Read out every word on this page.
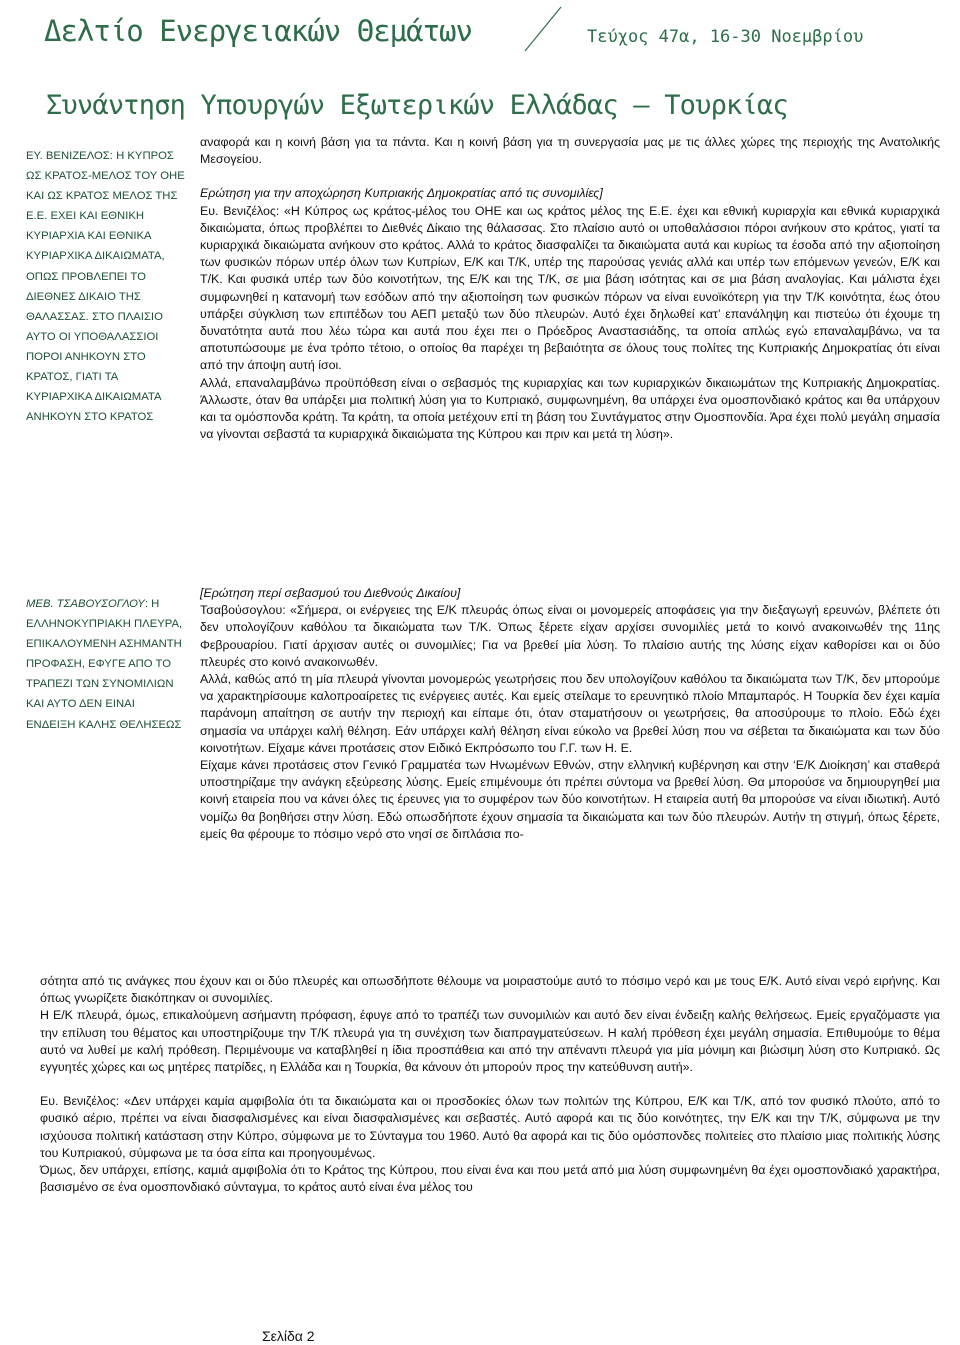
Δελτίο Ενεργειακών Θεμάτων	Τεύχος 47α, 16-30 Νοεμβρίου
Συνάντηση Υπουργών Εξωτερικών Ελλάδας – Τουρκίας
ΕΥ. ΒΕΝΙΖΕΛΟΣ: Η ΚΥΠΡΟΣ ΩΣ ΚΡΑΤΟΣ-ΜΕΛΟΣ ΤΟΥ ΟΗΕ ΚΑΙ ΩΣ ΚΡΑΤΟΣ ΜΕΛΟΣ ΤΗΣ Ε.Ε. ΕΧΕΙ ΚΑΙ ΕΘΝΙΚΗ ΚΥΡΙΑΡΧΙΑ ΚΑΙ ΕΘΝΙΚΑ ΚΥΡΙΑΡΧΙΚΑ ΔΙΚΑΙΩΜΑΤΑ, ΟΠΩΣ ΠΡΟΒΛΕΠΕΙ ΤΟ ΔΙΕΘΝΕΣ ΔΙΚΑΙΟ ΤΗΣ ΘΑΛΑΣΣΑΣ. ΣΤΟ ΠΛΑΙΣΙΟ ΑΥΤΟ ΟΙ ΥΠΟΘΑΛΑΣΣΙΟΙ ΠΟΡΟΙ ΑΝΗΚΟΥΝ ΣΤΟ ΚΡΑΤΟΣ, ΓΙΑΤΙ ΤΑ ΚΥΡΙΑΡΧΙΚΑ ΔΙΚΑΙΩΜΑΤΑ ΑΝΗΚΟΥΝ ΣΤΟ ΚΡΑΤΟΣ
ΜΕΒ. ΤΣΑΒΟΥΣΟΓΛΟΥ: Η ΕΛΛΗΝΟΚΥΠΡΙΑΚΗ ΠΛΕΥΡΑ, ΕΠΙΚΑΛΟΥΜΕΝΗ ΑΣΗΜΑΝΤΗ ΠΡΟΦΑΣΗ, ΕΦΥΓΕ ΑΠΟ ΤΟ ΤΡΑΠΕΖΙ ΤΩΝ ΣΥΝΟΜΙΛΙΩΝ ΚΑΙ ΑΥΤΟ ΔΕΝ ΕΙΝΑΙ ΕΝΔΕΙΞΗ ΚΑΛΗΣ ΘΕΛΗΣΕΩΣ

αναφορά και η κοινή βάση για τα πάντα. Και η κοινή βάση για τη συνεργασία μας με τις άλλες χώρες της περιοχής της Ανατολικής Μεσογείου.

Ερώτηση για την αποχώρηση Κυπριακής Δημοκρατίας από τις συνομιλίες]

Ευ. Βενιζέλος: «Η Κύπρος ως κράτος-μέλος του ΟΗΕ και ως κράτος μέλος της Ε.Ε. έχει και εθνική κυριαρχία και εθνικά κυριαρχικά δικαιώματα, όπως προβλέπει το Διεθνές Δίκαιο της θάλασσας. Στο πλαίσιο αυτό οι υποθαλάσσιοι πόροι ανήκουν στο κράτος, γιατί τα κυριαρχικά δικαιώματα ανήκουν στο κράτος. Αλλά το κράτος διασφαλίζει τα δικαιώματα αυτά και κυρίως τα έσοδα από την αξιοποίηση των φυσικών πόρων υπέρ όλων των Κυπρίων, Ε/Κ και Τ/Κ, υπέρ της παρούσας γενιάς αλλά και υπέρ των επόμενων γενεών, Ε/Κ και Τ/Κ. Και φυσικά υπέρ των δύο κοινοτήτων, της Ε/Κ και της Τ/Κ, σε μια βάση ισότητας και σε μια βάση αναλογίας. Και μάλιστα έχει συμφωνηθεί η κατανομή των εσόδων από την αξιοποίηση των φυσικών πόρων να είναι ευνοϊκότερη για την Τ/Κ κοινότητα, έως ότου υπάρξει σύγκλιση των επιπέδων του ΑΕΠ μεταξύ των δύο πλευρών. Αυτό έχει δηλωθεί κατ’ επανάληψη και πιστεύω ότι έχουμε τη δυνατότητα αυτά που λέω τώρα και αυτά που έχει πει ο Πρόεδρος Αναστασιάδης, τα οποία απλώς εγώ επαναλαμβάνω, να τα αποτυπώσουμε με ένα τρόπο τέτοιο, ο οποίος θα παρέχει τη βεβαιότητα σε όλους τους πολίτες της Κυπριακής Δημοκρατίας ότι είναι από την άποψη αυτή ίσοι.

Αλλά, επαναλαμβάνω προϋπόθεση είναι ο σεβασμός της κυριαρχίας και των κυριαρχικών δικαιωμάτων της Κυπριακής Δημοκρατίας. Άλλωστε, όταν θα υπάρξει μια πολιτική λύση για το Κυπριακό, συμφωνημένη, θα υπάρχει ένα ομοσπονδιακό κράτος και θα υπάρχουν και τα ομόσπονδα κράτη. Τα κράτη, τα οποία μετέχουν επί τη βάση του Συντάγματος στην Ομοσπονδία. Άρα έχει πολύ μεγάλη σημασία να γίνονται σεβαστά τα κυριαρχικά δικαιώματα της Κύπρου και πριν και μετά τη λύση».

[Ερώτηση περί σεβασμού του Διεθνούς Δικαίου]

Τσαβούσογλου: «Σήμερα, οι ενέργειες της Ε/Κ πλευράς όπως είναι οι μονομερείς αποφάσεις για την διεξαγωγή ερευνών, βλέπετε ότι δεν υπολογίζουν καθόλου τα δικαιώματα των Τ/Κ. Όπως ξέρετε είχαν αρχίσει συνομιλίες μετά το κοινό ανακοινωθέν της 11ης Φεβρουαρίου. Γιατί άρχισαν αυτές οι συνομιλίες; Για να βρεθεί μία λύση. Το πλαίσιο αυτής της λύσης είχαν καθορίσει και οι δύο πλευρές στο κοινό ανακοινωθέν.

Αλλά, καθώς από τη μία πλευρά γίνονται μονομερώς γεωτρήσεις που δεν υπολογίζουν καθόλου τα δικαιώματα των Τ/Κ, δεν μπορούμε να χαρακτηρίσουμε καλοπροαίρετες τις ενέργειες αυτές. Και εμείς στείλαμε το ερευνητικό πλοίο Μπαμπαρός. Η Τουρκία δεν έχει καμία παράνομη απαίτηση σε αυτήν την περιοχή και είπαμε ότι, όταν σταματήσουν οι γεωτρήσεις, θα αποσύρουμε το πλοίο. Εδώ έχει σημασία να υπάρχει καλή θέληση. Εάν υπάρχει καλή θέληση είναι εύκολο να βρεθεί λύση που να σέβεται τα δικαιώματα και των δύο κοινοτήτων. Είχαμε κάνει προτάσεις στον Ειδικό Εκπρόσωπο του Γ.Γ. των Η. Ε.

Είχαμε κάνει προτάσεις στον Γενικό Γραμματέα των Ηνωμένων Εθνών, στην ελληνική κυβέρνηση και στην ‘Ε/Κ Διοίκηση’ και σταθερά υποστηρίζαμε την ανάγκη εξεύρεσης λύσης. Εμείς επιμένουμε ότι πρέπει σύντομα να βρεθεί λύση. Θα μπορούσε να δημιουργηθεί μια κοινή εταιρεία που να κάνει όλες τις έρευνες για το συμφέρον των δύο κοινοτήτων. Η εταιρεία αυτή θα μπορούσε να είναι ιδιωτική. Αυτό νομίζω θα βοηθήσει στην λύση. Εδώ οπωσδήποτε έχουν σημασία τα δικαιώματα και των δύο πλευρών. Αυτήν τη στιγμή, όπως ξέρετε, εμείς θα φέρουμε το πόσιμο νερό στο νησί σε διπλάσια πο-

σότητα από τις ανάγκες που έχουν και οι δύο πλευρές και οπωσδήποτε θέλουμε να μοιραστούμε αυτό το πόσιμο νερό και με τους Ε/Κ. Αυτό είναι νερό ειρήνης. Και όπως γνωρίζετε διακόπηκαν οι συνομιλίες.

Η Ε/Κ πλευρά, όμως, επικαλούμενη ασήμαντη πρόφαση, έφυγε από το τραπέζι των συνομιλιών και αυτό δεν είναι ένδειξη καλής θελήσεως. Εμείς εργαζόμαστε για την επίλυση του θέματος και υποστηρίζουμε την Τ/Κ πλευρά για τη συνέχιση των διαπραγματεύσεων. Η καλή πρόθεση έχει μεγάλη σημασία. Επιθυμούμε το θέμα αυτό να λυθεί με καλή πρόθεση. Περιμένουμε να καταβληθεί η ίδια προσπάθεια και από την απέναντι πλευρά για μία μόνιμη και βιώσιμη λύση στο Κυπριακό. Ως εγγυητές χώρες και ως μητέρες πατρίδες, η Ελλάδα και η Τουρκία, θα κάνουν ότι μπορούν προς την κατεύθυνση αυτή».

Ευ. Βενιζέλος: «Δεν υπάρχει καμία αμφιβολία ότι τα δικαιώματα και οι προσδοκίες όλων των πολιτών της Κύπρου, Ε/Κ και Τ/Κ, από τον φυσικό πλούτο, από το φυσικό αέριο, πρέπει να είναι διασφαλισμένες και είναι διασφαλισμένες και σεβαστές. Αυτό αφορά και τις δύο κοινότητες, την Ε/Κ και την Τ/Κ, σύμφωνα με την ισχύουσα πολιτική κατάσταση στην Κύπρο, σύμφωνα με το Σύνταγμα του 1960. Αυτό θα αφορά και τις δύο ομόσπονδες πολιτείες στο πλαίσιο μιας πολιτικής λύσης του Κυπριακού, σύμφωνα με τα όσα είπα και προηγουμένως.

Όμως, δεν υπάρχει, επίσης, καμιά αμφιβολία ότι το Κράτος της Κύπρου, που είναι ένα και που μετά από μια λύση συμφωνημένη θα έχει ομοσπονδιακό χαρακτήρα, βασισμένο σε ένα ομοσπονδιακό σύνταγμα, το κράτος αυτό είναι ένα μέλος του

Σελίδα 2
